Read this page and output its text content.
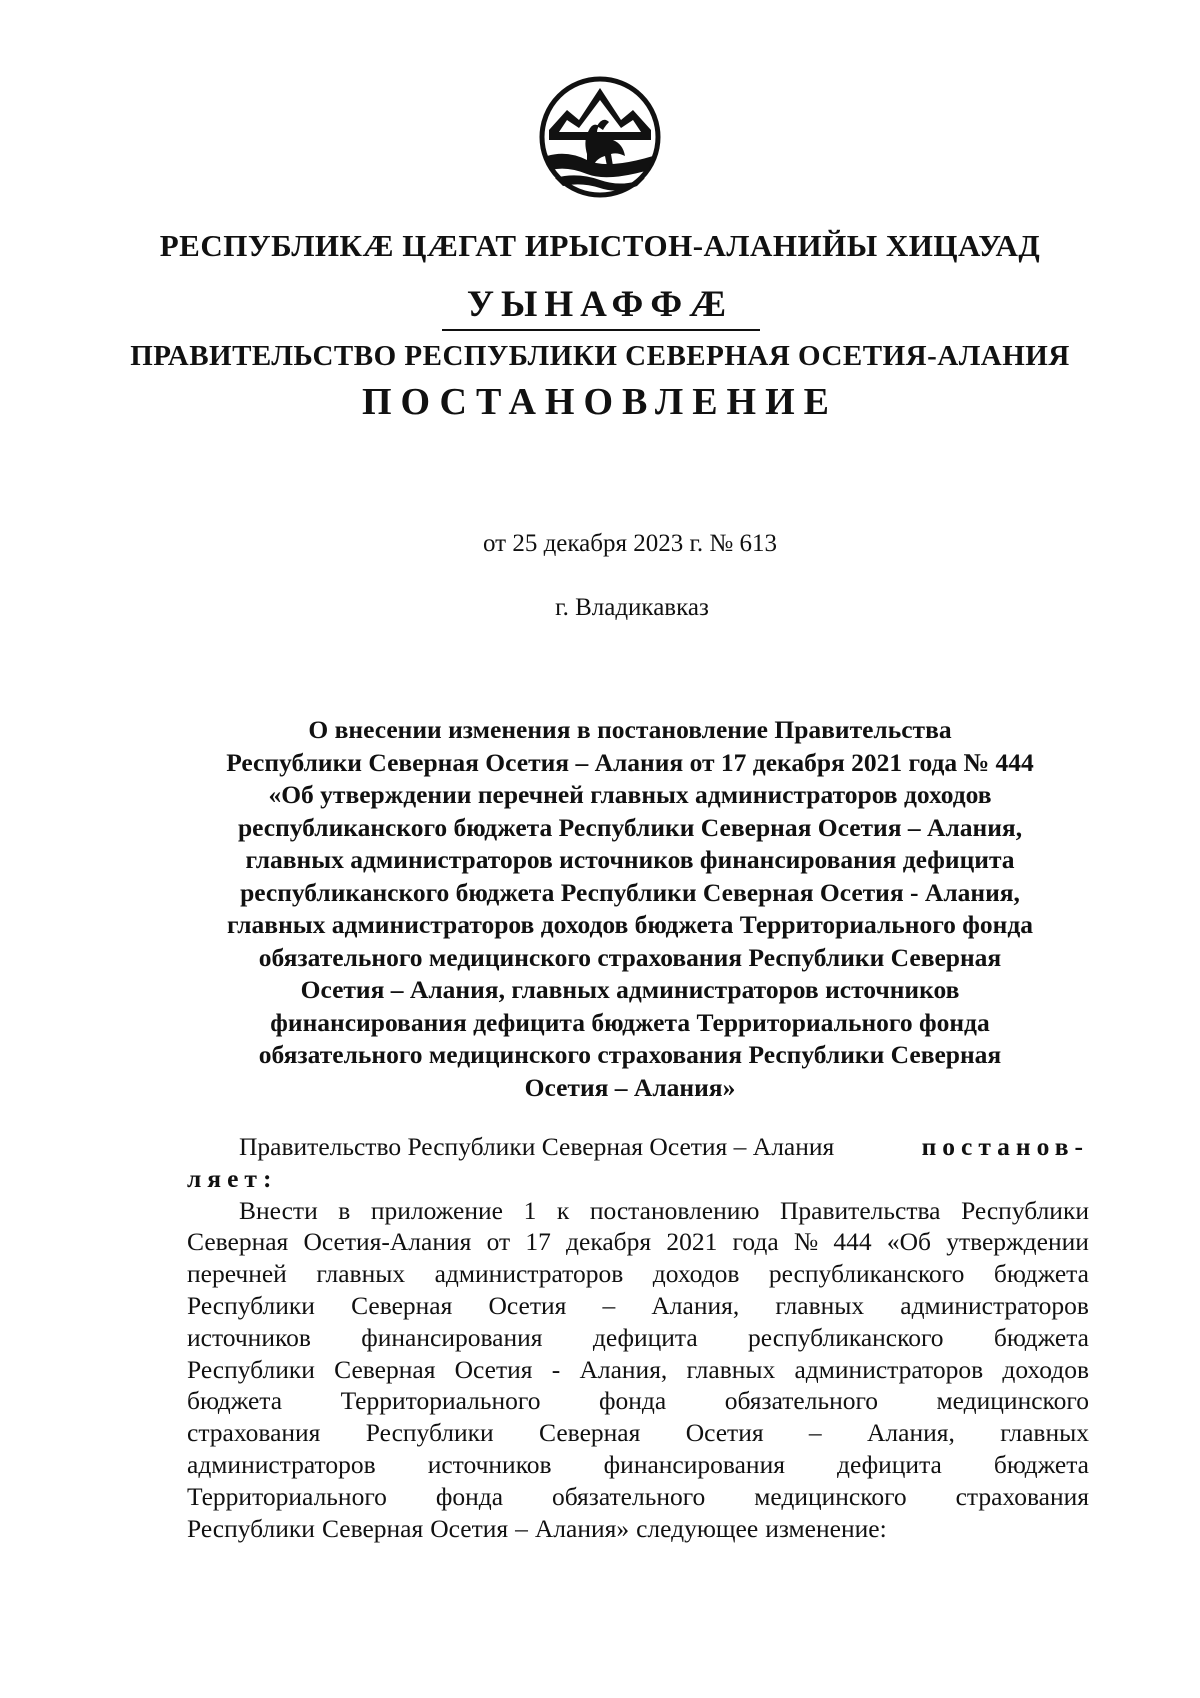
РЕСПУБЛИКÆ ЦÆГАТ ИРЫСТОН-АЛАНИЙЫ ХИЦАУАД
УЫНАФФÆ
ПРАВИТЕЛЬСТВО РЕСПУБЛИКИ СЕВЕРНАЯ ОСЕТИЯ-АЛАНИЯ
ПОСТАНОВЛЕНИЕ
от 25 декабря 2023 г. № 613
г. Владикавказ
О внесении изменения в постановление Правительства
Республики Северная Осетия – Алания от 17 декабря 2021 года № 444
«Об утверждении перечней главных администраторов доходов
республиканского бюджета Республики Северная Осетия – Алания,
главных администраторов источников финансирования дефицита
республиканского бюджета Республики Северная Осетия - Алания,
главных администраторов доходов бюджета Территориального фонда
обязательного медицинского страхования Республики Северная
Осетия – Алания, главных администраторов источников
финансирования дефицита бюджета Территориального фонда
обязательного медицинского страхования Республики Северная
Осетия – Алания»
Правительство Республики Северная Осетия – Алания	постанов-
ляет:
Внести в приложение 1 к постановлению Правительства Республики
Северная Осетия-Алания от 17 декабря 2021 года № 444 «Об утверждении
перечней главных администраторов доходов республиканского бюджета
Республики Северная Осетия – Алания, главных администраторов
источников финансирования дефицита республиканского бюджета
Республики Северная Осетия - Алания, главных администраторов доходов
бюджета Территориального фонда обязательного медицинского
страхования Республики Северная Осетия – Алания, главных
администраторов источников финансирования дефицита бюджета
Территориального фонда обязательного медицинского страхования
Республики Северная Осетия – Алания» следующее изменение:
